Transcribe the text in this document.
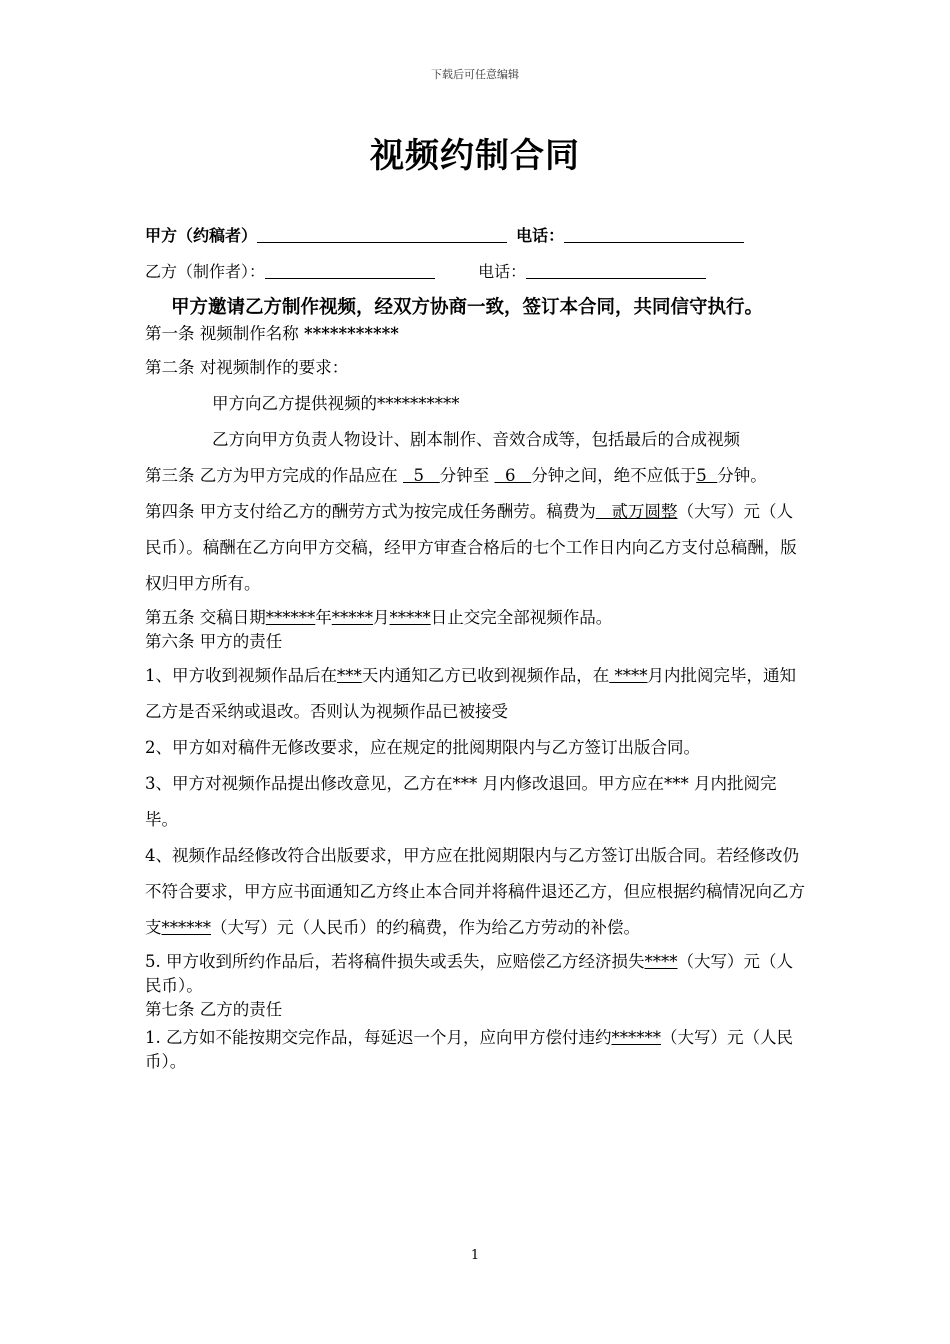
下载后可任意编辑
视频约制合同
甲方（约稿者）	电话：
乙方（制作者）：	电话：

甲方邀请乙方制作视频，经双方协商一致，签订本合同，共同信守执行。

第一条 视频制作名称 ***********

第二条 对视频制作的要求：

甲方向乙方提供视频的**********

乙方向甲方负责人物设计、剧本制作、音效合成等，包括最后的合成视频

第三条 乙方为甲方完成的作品应在   5   分钟至   6   分钟之间，绝不应低于5  分钟。

第四条 甲方支付给乙方的酬劳方式为按完成任务酬劳。稿费为   贰万圆整（大写）元（人民币）。稿酬在乙方向甲方交稿，经甲方审查合格后的七个工作日内向乙方支付总稿酬，版权归甲方所有。

第五条 交稿日期******年*****月*****日止交完全部视频作品。

第六条 甲方的责任

1、甲方收到视频作品后在***天内通知乙方已收到视频作品，在 ****月内批阅完毕，通知乙方是否采纳或退改。否则认为视频作品已被接受

2、甲方如对稿件无修改要求，应在规定的批阅期限内与乙方签订出版合同。

3、甲方对视频作品提出修改意见，乙方在*** 月内修改退回。甲方应在*** 月内批阅完毕。

4、视频作品经修改符合出版要求，甲方应在批阅期限内与乙方签订出版合同。若经修改仍不符合要求，甲方应书面通知乙方终止本合同并将稿件退还乙方，但应根据约稿情况向乙方支******（大写）元（人民币）的约稿费，作为给乙方劳动的补偿。

5. 甲方收到所约作品后，若将稿件损失或丢失，应赔偿乙方经济损失****（大写）元（人民币）。

第七条 乙方的责任

1. 乙方如不能按期交完作品，每延迟一个月，应向甲方偿付违约******（大写）元（人民币）。

1
